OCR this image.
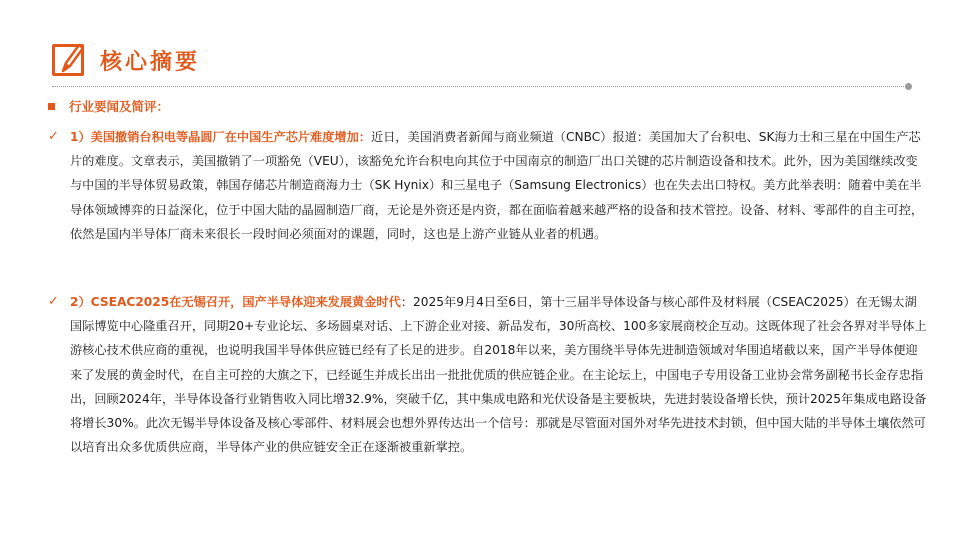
核心摘要
行业要闻及简评：
✓ 1）美国撤销台积电等晶圆厂在中国生产芯片难度增加：近日，美国消费者新闻与商业频道（CNBC）报道：美国加大了台积电、SK海力士和三星在中国生产芯片的难度。文章表示，美国撤销了一项豁免（VEU），该豁免允许台积电向其位于中国南京的制造厂出口关键的芯片制造设备和技术。此外，因为美国继续改变与中国的半导体贸易政策，韩国存储芯片制造商海力士（SK Hynix）和三星电子（Samsung Electronics）也在失去出口特权。美方此举表明：随着中美在半导体领域博弈的日益深化，位于中国大陆的晶圆制造厂商，无论是外资还是内资，都在面临着越来越严格的设备和技术管控。设备、材料、零部件的自主可控，依然是国内半导体厂商未来很长一段时间必须面对的课题，同时，这也是上游产业链从业者的机遇。

✓ 2）CSEAC2025在无锡召开，国产半导体迎来发展黄金时代：2025年9月4日至6日，第十三届半导体设备与核心部件及材料展（CSEAC2025）在无锡太湖国际博览中心隆重召开，同期20+专业论坛、多场圆桌对话、上下游企业对接、新品发布，30所高校、100多家展商校企互动。这既体现了社会各界对半导体上游核心技术供应商的重视，也说明我国半导体供应链已经有了长足的进步。自2018年以来，美方围绕半导体先进制造领域对华围追堵截以来，国产半导体便迎来了发展的黄金时代，在自主可控的大旗之下，已经诞生并成长出出一批批优质的供应链企业。在主论坛上，中国电子专用设备工业协会常务副秘书长金存忠指出，回顾2024年，半导体设备行业销售收入同比增32.9%，突破千亿，其中集成电路和光伏设备是主要板块，先进封装设备增长快，预计2025年集成电路设备将增长30%。此次无锡半导体设备及核心零部件、材料展会也想外界传达出一个信号：那就是尽管面对国外对华先进技术封锁，但中国大陆的半导体土壤依然可以培育出众多优质供应商，半导体产业的供应链安全正在逐渐被重新掌控。
